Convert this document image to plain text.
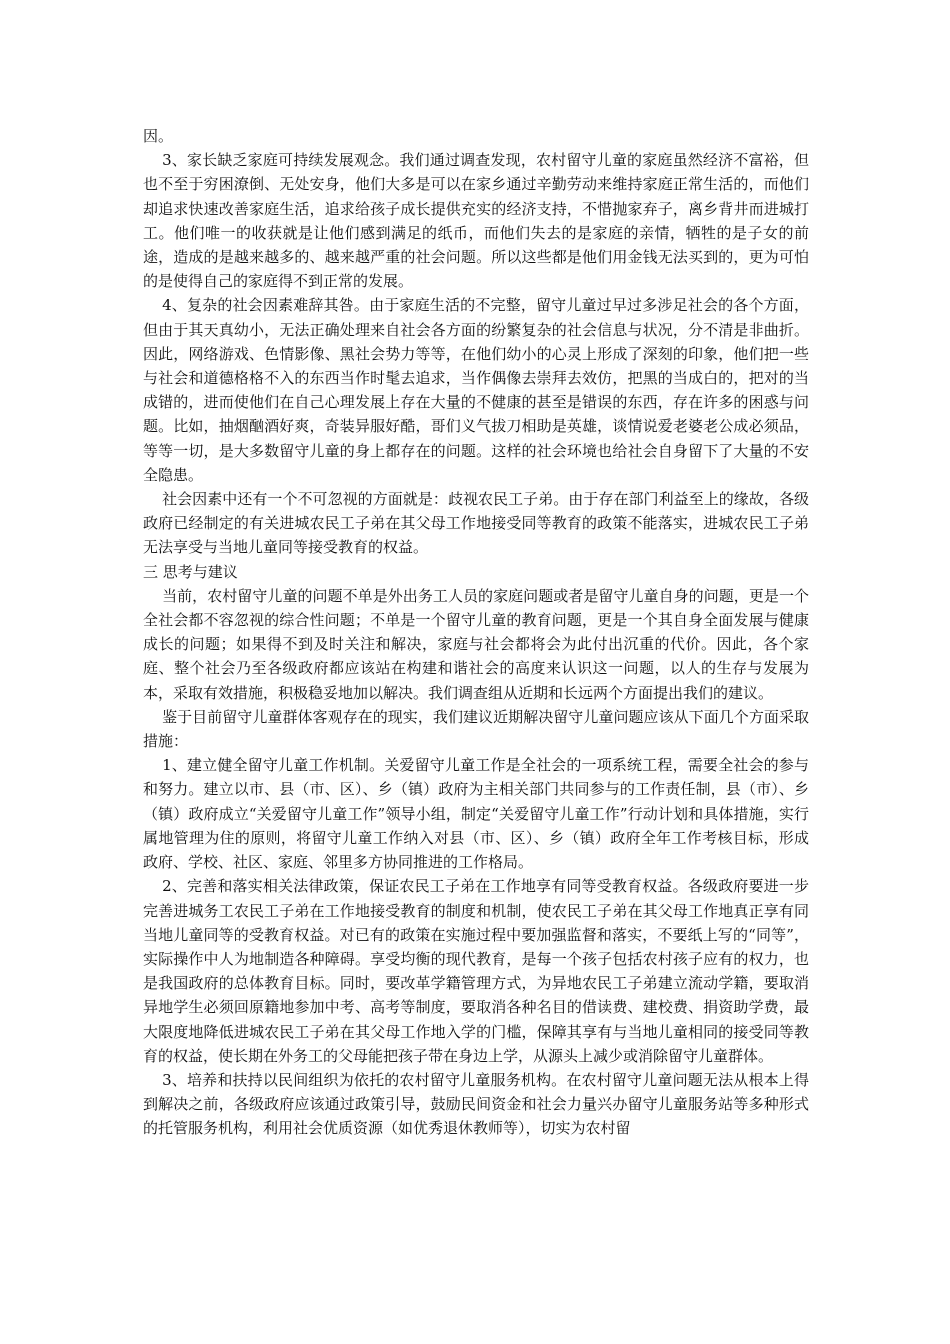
因。

3、家长缺乏家庭可持续发展观念。我们通过调查发现，农村留守儿童的家庭虽然经济不富裕，但也不至于穷困潦倒、无处安身，他们大多是可以在家乡通过辛勤劳动来维持家庭正常生活的，而他们却追求快速改善家庭生活，追求给孩子成长提供充实的经济支持，不惜抛家弃子，离乡背井而进城打工。他们唯一的收获就是让他们感到满足的纸币，而他们失去的是家庭的亲情，牺牲的是子女的前途，造成的是越来越多的、越来越严重的社会问题。所以这些都是他们用金钱无法买到的，更为可怕的是使得自己的家庭得不到正常的发展。

4、复杂的社会因素难辞其咎。由于家庭生活的不完整，留守儿童过早过多涉足社会的各个方面，但由于其天真幼小，无法正确处理来自社会各方面的纷繁复杂的社会信息与状况，分不清是非曲折。因此，网络游戏、色情影像、黑社会势力等等，在他们幼小的心灵上形成了深刻的印象，他们把一些与社会和道德格格不入的东西当作时髦去追求，当作偶像去崇拜去效仿，把黑的当成白的，把对的当成错的，进而使他们在自己心理发展上存在大量的不健康的甚至是错误的东西，存在许多的困惑与问题。比如，抽烟酗酒好爽，奇装异服好酷，哥们义气拔刀相助是英雄，谈情说爱老婆老公成必须品，等等一切，是大多数留守儿童的身上都存在的问题。这样的社会环境也给社会自身留下了大量的不安全隐患。

社会因素中还有一个不可忽视的方面就是：歧视农民工子弟。由于存在部门利益至上的缘故，各级政府已经制定的有关进城农民工子弟在其父母工作地接受同等教育的政策不能落实，进城农民工子弟无法享受与当地儿童同等接受教育的权益。

三 思考与建议

当前，农村留守儿童的问题不单是外出务工人员的家庭问题或者是留守儿童自身的问题，更是一个全社会都不容忽视的综合性问题；不单是一个留守儿童的教育问题，更是一个其自身全面发展与健康成长的问题；如果得不到及时关注和解决，家庭与社会都将会为此付出沉重的代价。因此，各个家庭、整个社会乃至各级政府都应该站在构建和谐社会的高度来认识这一问题，以人的生存与发展为本，采取有效措施，积极稳妥地加以解决。我们调查组从近期和长远两个方面提出我们的建议。

鉴于目前留守儿童群体客观存在的现实，我们建议近期解决留守儿童问题应该从下面几个方面采取措施：

1、建立健全留守儿童工作机制。关爱留守儿童工作是全社会的一项系统工程，需要全社会的参与和努力。建立以市、县（市、区）、乡（镇）政府为主相关部门共同参与的工作责任制，县（市）、乡（镇）政府成立“关爱留守儿童工作”领导小组，制定“关爱留守儿童工作”行动计划和具体措施，实行属地管理为住的原则，将留守儿童工作纳入对县（市、区）、乡（镇）政府全年工作考核目标，形成政府、学校、社区、家庭、邻里多方协同推进的工作格局。

2、完善和落实相关法律政策，保证农民工子弟在工作地享有同等受教育权益。各级政府要进一步完善进城务工农民工子弟在工作地接受教育的制度和机制，使农民工子弟在其父母工作地真正享有同当地儿童同等的受教育权益。对已有的政策在实施过程中要加强监督和落实，不要纸上写的“同等”，实际操作中人为地制造各种障碍。享受均衡的现代教育，是每一个孩子包括农村孩子应有的权力，也是我国政府的总体教育目标。同时，要改革学籍管理方式，为异地农民工子弟建立流动学籍，要取消异地学生必须回原籍地参加中考、高考等制度，要取消各种名目的借读费、建校费、捐资助学费，最大限度地降低进城农民工子弟在其父母工作地入学的门槛，保障其享有与当地儿童相同的接受同等教育的权益，使长期在外务工的父母能把孩子带在身边上学，从源头上减少或消除留守儿童群体。

3、培养和扶持以民间组织为依托的农村留守儿童服务机构。在农村留守儿童问题无法从根本上得到解决之前，各级政府应该通过政策引导，鼓励民间资金和社会力量兴办留守儿童服务站等多种形式的托管服务机构，利用社会优质资源（如优秀退休教师等），切实为农村留
